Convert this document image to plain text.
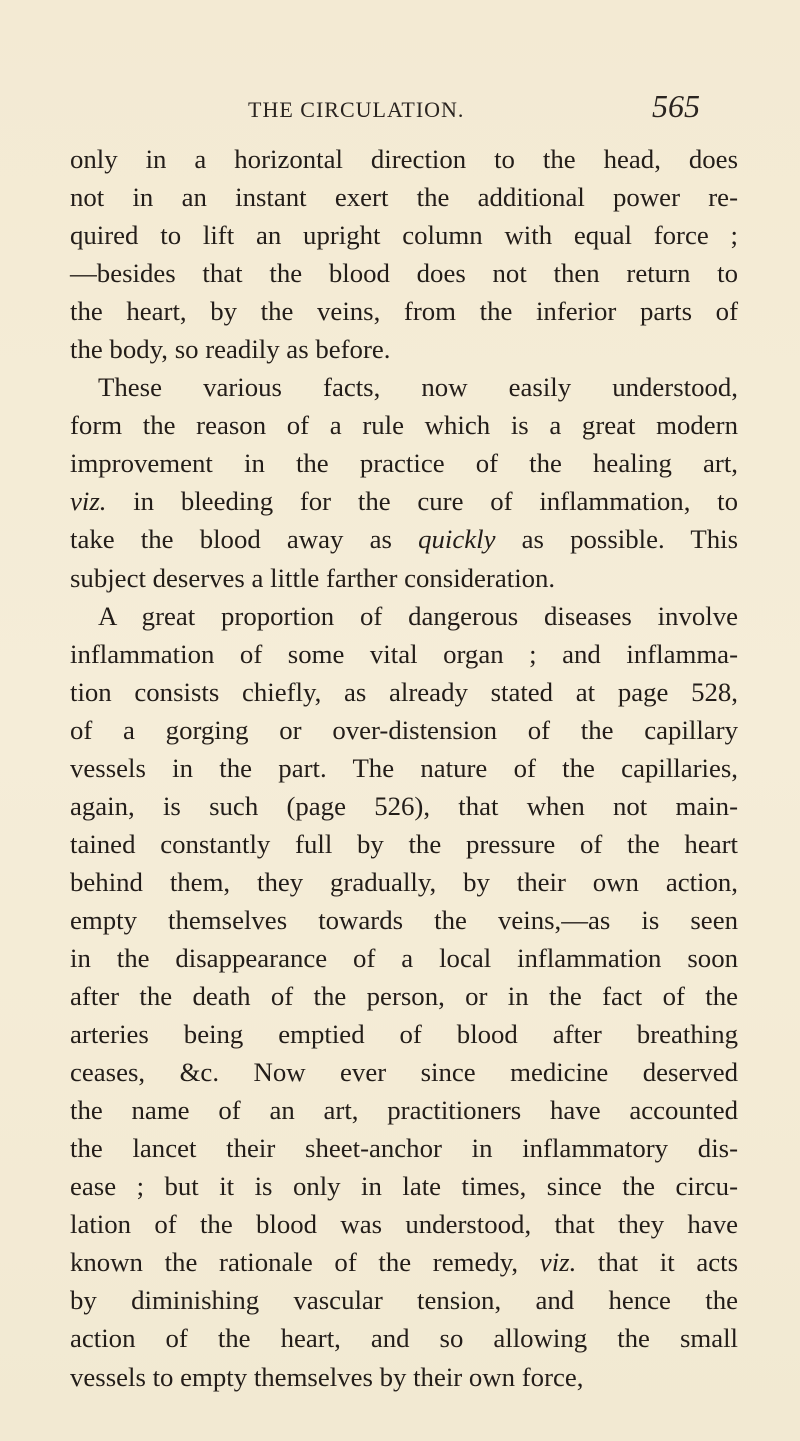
THE CIRCULATION.	565
only in a horizontal direction to the head, does
not in an instant exert the additional power re-
quired to lift an upright column with equal force ;
—besides that the blood does not then return to
the heart, by the veins, from the inferior parts of
the body, so readily as before.
These various facts, now easily understood,
form the reason of a rule which is a great modern
improvement in the practice of the healing art,
viz. in bleeding for the cure of inflammation, to
take the blood away as quickly as possible. This
subject deserves a little farther consideration.
A great proportion of dangerous diseases involve
inflammation of some vital organ ; and inflamma-
tion consists chiefly, as already stated at page 528,
of a gorging or over-distension of the capillary
vessels in the part. The nature of the capillaries,
again, is such (page 526), that when not main-
tained constantly full by the pressure of the heart
behind them, they gradually, by their own action,
empty themselves towards the veins,—as is seen
in the disappearance of a local inflammation soon
after the death of the person, or in the fact of the
arteries being emptied of blood after breathing
ceases, &c. Now ever since medicine deserved
the name of an art, practitioners have accounted
the lancet their sheet-anchor in inflammatory dis-
ease ; but it is only in late times, since the circu-
lation of the blood was understood, that they have
known the rationale of the remedy, viz. that it acts
by diminishing vascular tension, and hence the
action of the heart, and so allowing the small
vessels to empty themselves by their own force,
